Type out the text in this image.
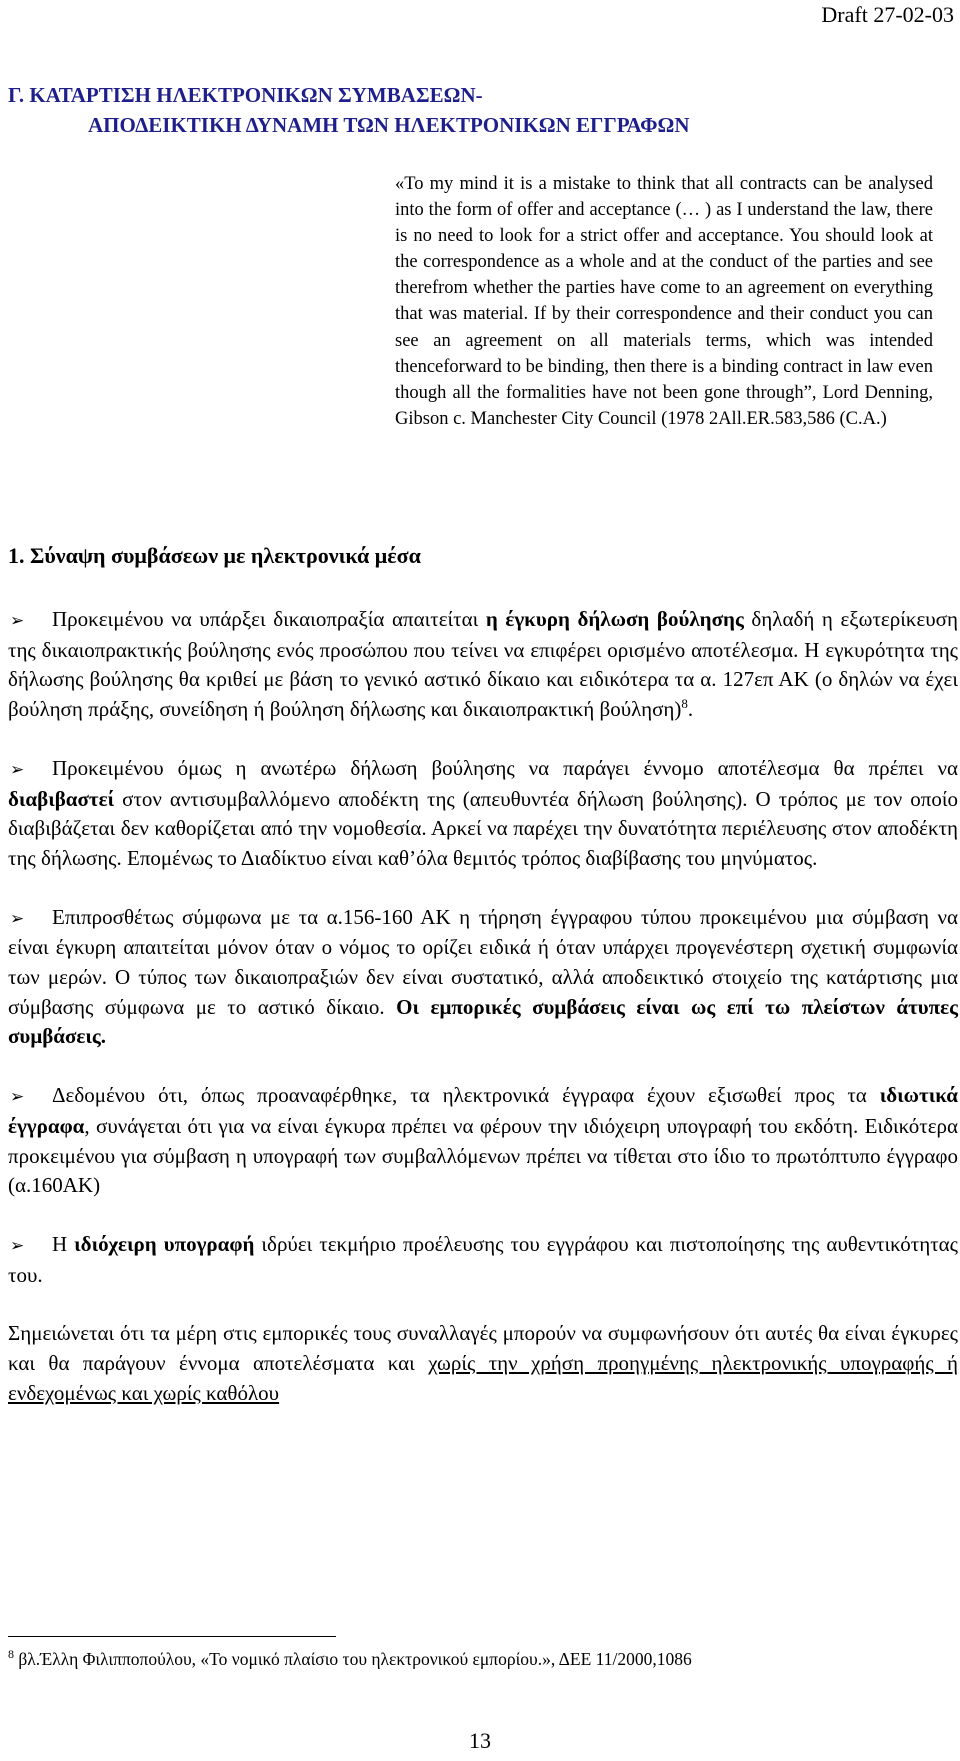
Draft 27-02-03
Γ. ΚΑΤΑΡΤΙΣΗ ΗΛΕΚΤΡΟΝΙΚΩΝ ΣΥΜΒΑΣΕΩΝ-
ΑΠΟΔΕΙΚΤΙΚΗ ΔΥΝΑΜΗ ΤΩΝ ΗΛΕΚΤΡΟΝΙΚΩΝ ΕΓΓΡΑΦΩΝ
«To my mind it is a mistake to think that all contracts can be analysed into the form of offer and acceptance (… ) as I understand the law, there is no need to look for a strict offer and acceptance. You should look at the correspondence as a whole and at the conduct of the parties and see therefrom whether the parties have come to an agreement on everything that was material. If by their correspondence and their conduct you can see an agreement on all materials terms, which was intended thenceforward to be binding, then there is a binding contract in law even though all the formalities have not been gone through”, Lord Denning, Gibson c. Manchester City Council (1978 2All.ER.583,586 (C.A.)
1. Σύναψη συμβάσεων με ηλεκτρονικά μέσα

➢ Προκειμένου να υπάρξει δικαιοπραξία απαιτείται η έγκυρη δήλωση βούλησης δηλαδή η εξωτερίκευση της δικαιοπρακτικής βούλησης ενός προσώπου που τείνει να επιφέρει ορισμένο αποτέλεσμα. Η εγκυρότητα της δήλωσης βούλησης θα κριθεί με βάση το γενικό αστικό δίκαιο και ειδικότερα τα α. 127επ ΑΚ (ο δηλών να έχει βούληση πράξης, συνείδηση ή βούληση δήλωσης και δικαιοπρακτική βούληση)$^8$.

➢ Προκειμένου όμως η ανωτέρω δήλωση βούλησης να παράγει έννομο αποτέλεσμα θα πρέπει να διαβιβαστεί στον αντισυμβαλλόμενο αποδέκτη της (απευθυντέα δήλωση βούλησης). Ο τρόπος με τον οποίο διαβιβάζεται δεν καθορίζεται από την νομοθεσία. Αρκεί να παρέχει την δυνατότητα περιέλευσης στον αποδέκτη της δήλωσης. Επομένως το Διαδίκτυο είναι καθ’όλα θεμιτός τρόπος διαβίβασης του μηνύματος.

➢ Επιπροσθέτως σύμφωνα με τα α.156-160 ΑΚ η τήρηση έγγραφου τύπου προκειμένου μια σύμβαση να είναι έγκυρη απαιτείται μόνον όταν ο νόμος το ορίζει ειδικά ή όταν υπάρχει προγενέστερη σχετική συμφωνία των μερών. Ο τύπος των δικαιοπραξιών δεν είναι συστατικό, αλλά αποδεικτικό στοιχείο της κατάρτισης μια σύμβασης σύμφωνα με το αστικό δίκαιο. Οι εμπορικές συμβάσεις είναι ως επί τω πλείστων άτυπες συμβάσεις.

➢ Δεδομένου ότι, όπως προαναφέρθηκε, τα ηλεκτρονικά έγγραφα έχουν εξισωθεί προς τα ιδιωτικά έγγραφα, συνάγεται ότι για να είναι έγκυρα πρέπει να φέρουν την ιδιόχειρη υπογραφή του εκδότη. Ειδικότερα προκειμένου για σύμβαση η υπογραφή των συμβαλλόμενων πρέπει να τίθεται στο ίδιο το πρωτόπτυπο έγγραφο (α.160ΑΚ)

➢ Η ιδιόχειρη υπογραφή ιδρύει τεκμήριο προέλευσης του εγγράφου και πιστοποίησης της αυθεντικότητας του.

Σημειώνεται ότι τα μέρη στις εμπορικές τους συναλλαγές μπορούν να συμφωνήσουν ότι αυτές θα είναι έγκυρες και θα παράγουν έννομα αποτελέσματα και χωρίς την χρήση προηγμένης ηλεκτρονικής υπογραφής ή ενδεχομένως και χωρίς καθόλου

$^8$ βλ.Έλλη Φιλιππoπούλου, «Το νομικό πλαίσιο του ηλεκτρονικού εμπορίου.», ΔΕΕ 11/2000,1086
13
